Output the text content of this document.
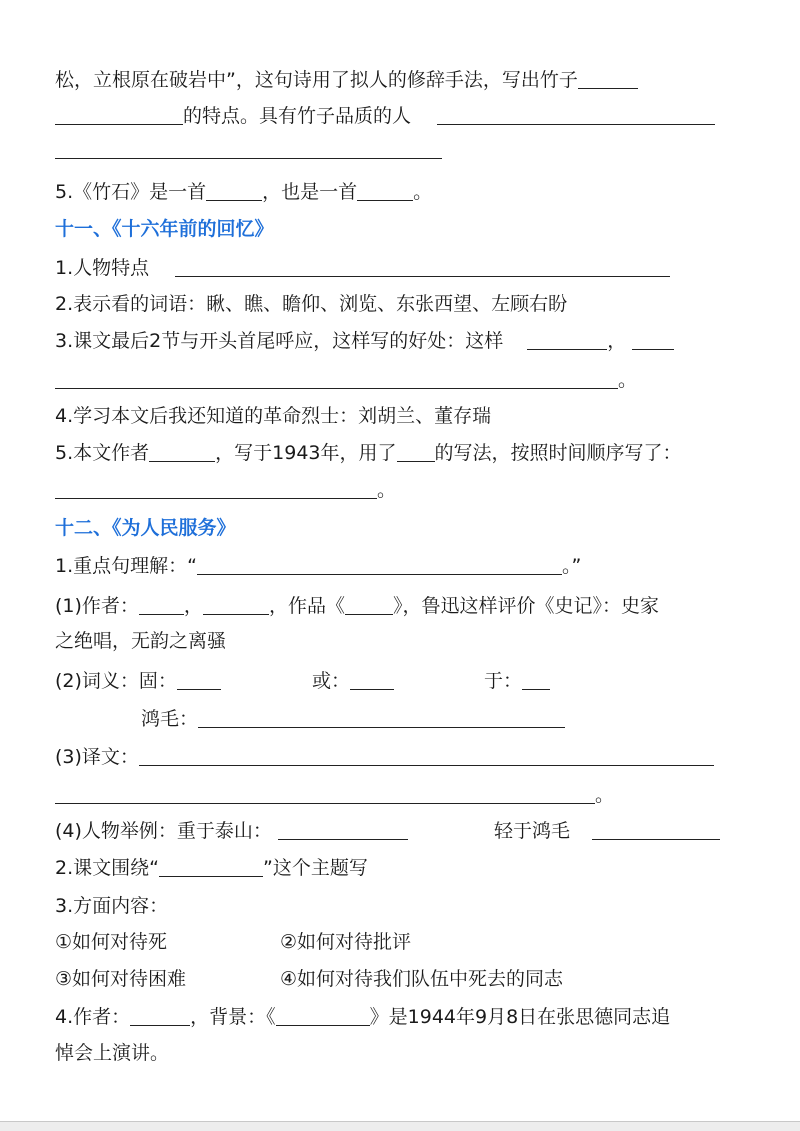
松，立根原在破岩中”，这句诗用了拟人的修辞手法，写出竹子
的特点。具有竹子品质的人
5.《竹石》是一首	，也是一首	。
十一、《十六年前的回忆》
1.人物特点
2.表示看的词语：瞅、瞧、瞻仰、浏览、东张西望、左顾右盼
3.课文最后2节与开头首尾呼应，这样写的好处：这样	，
。
4.学习本文后我还知道的革命烈士：刘胡兰、董存瑞
5.本文作者	，写于1943年，用了 的写法，按照时间顺序写了：
。
十二、《为人民服务》
1.重点句理解：“	。”
(1)作者： ，	，作品《	》，鲁迅这样评价《史记》：史家
之绝唱，无韵之离骚
(2)词义：固：	或：	于：
鸿毛：
(3)译文：
。
(4)人物举例：重于泰山：	轻于鸿毛
2.课文围绕“	”这个主题写
3.方面内容：
①如何对待死	②如何对待批评
③如何对待困难	④如何对待我们队伍中死去的同志
4.作者：	，背景：《	》是1944年9月8日在张思德同志追
悼会上演讲。
